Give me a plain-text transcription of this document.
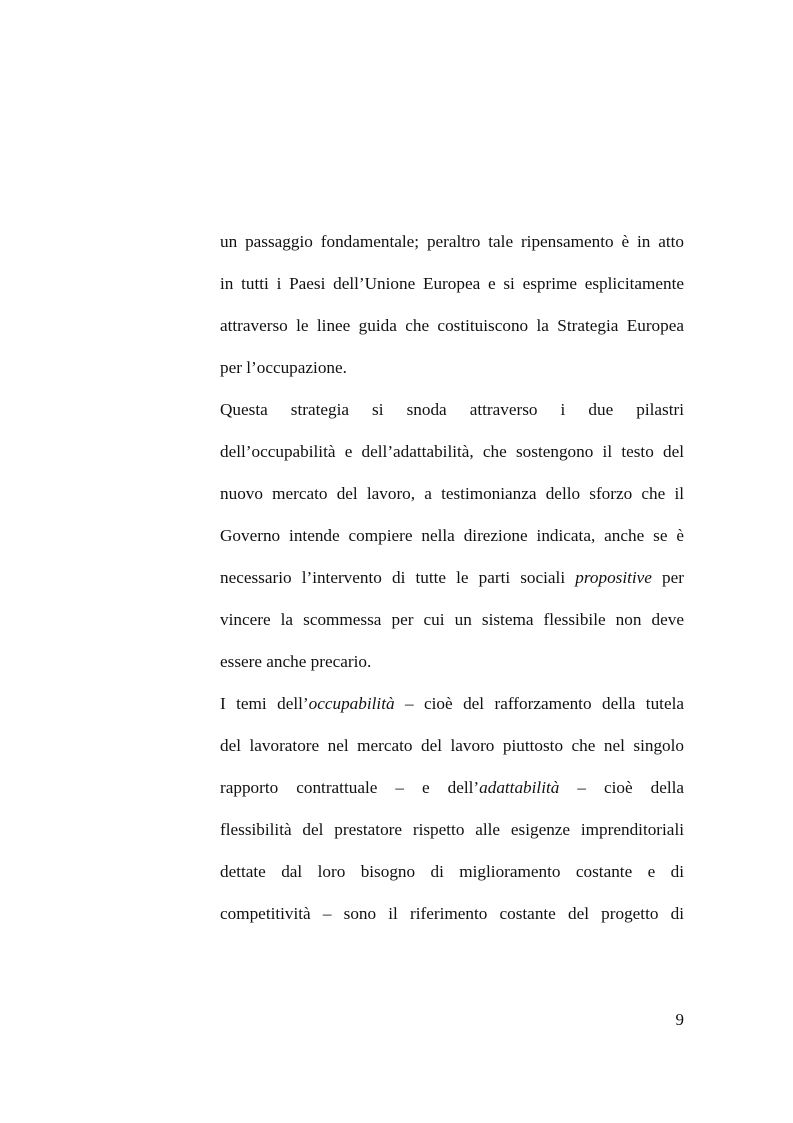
un passaggio fondamentale; peraltro tale ripensamento è in atto
in tutti i Paesi dell’Unione Europea e si esprime esplicitamente
attraverso le linee guida che costituiscono la Strategia Europea
per l’occupazione.
Questa strategia si snoda attraverso i due pilastri
dell’occupabilità e dell’adattabilità, che sostengono il testo del
nuovo mercato del lavoro, a testimonianza dello sforzo che il
Governo intende compiere nella direzione indicata, anche se è
necessario l’intervento di tutte le parti sociali propositive per
vincere la scommessa per cui un sistema flessibile non deve
essere anche precario.
I temi dell’occupabilità – cioè del rafforzamento della tutela
del lavoratore nel mercato del lavoro piuttosto che nel singolo
rapporto contrattuale – e dell’adattabilità – cioè della
flessibilità del prestatore rispetto alle esigenze imprenditoriali
dettate dal loro bisogno di miglioramento costante e di
competitività – sono il riferimento costante del progetto di
9
